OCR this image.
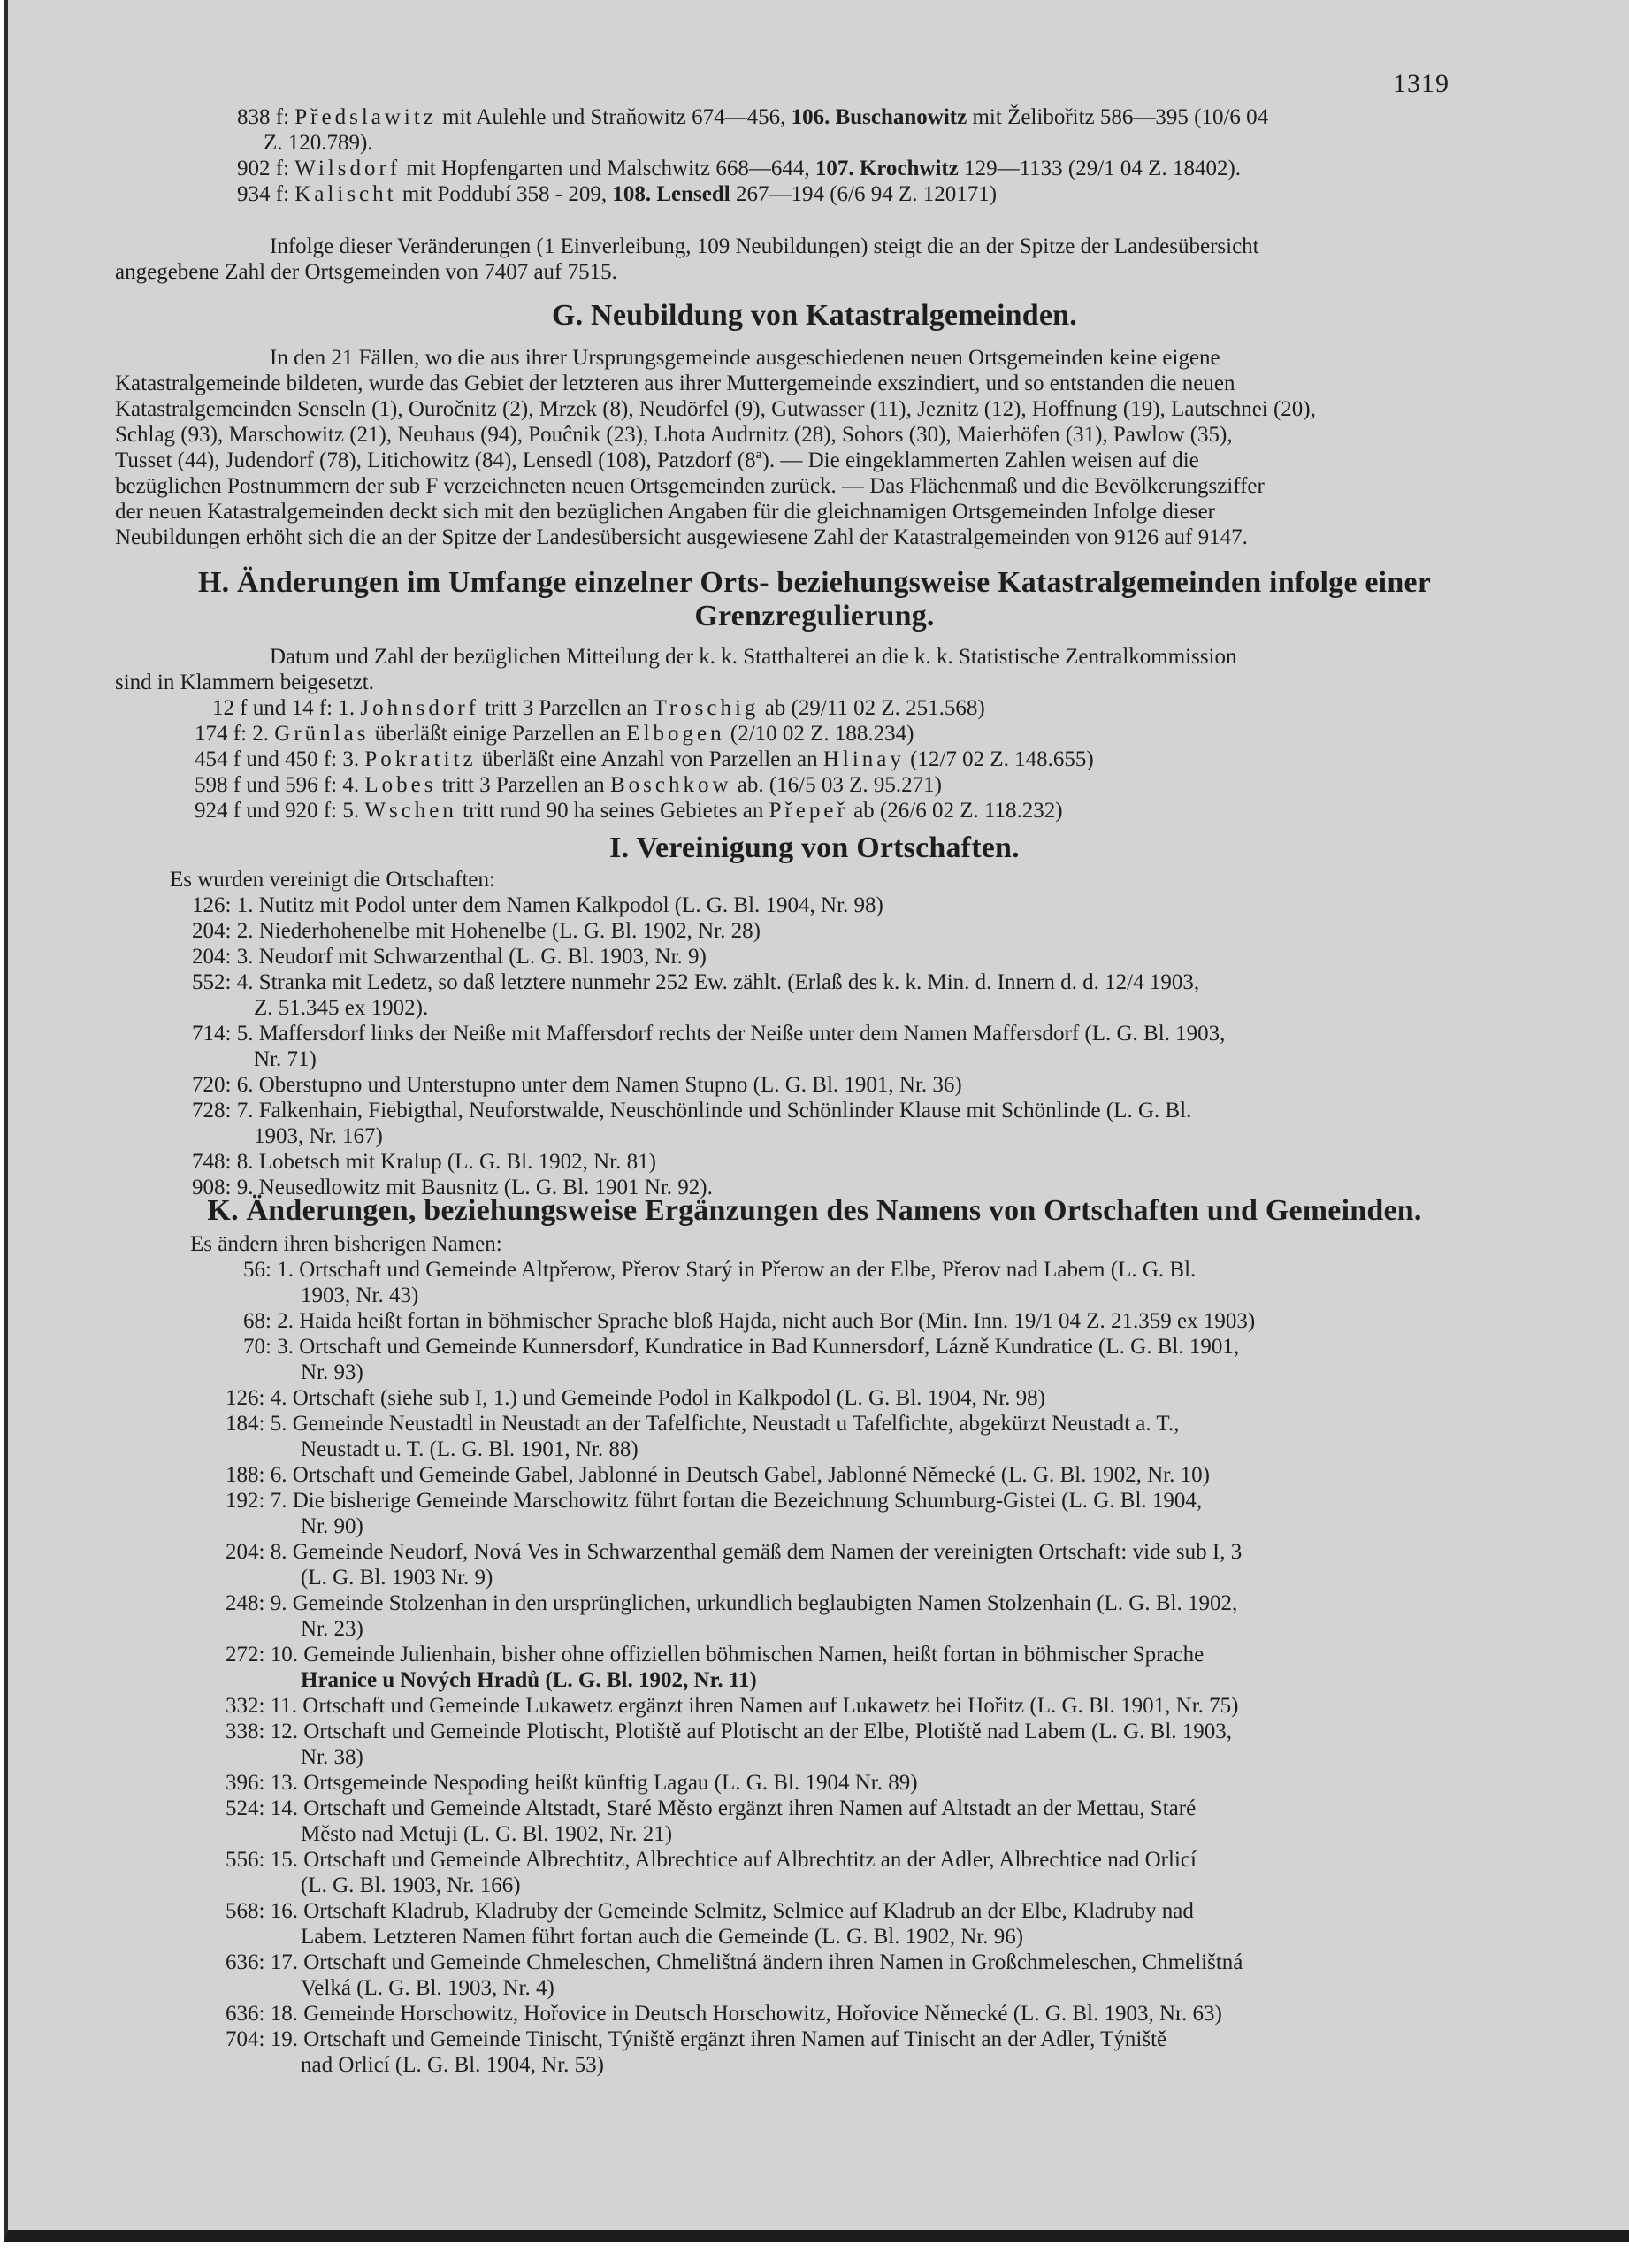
1319
838 f: Předslawitz mit Aulehle und Straňowitz 674—456, 106. Buschanowitz mit Želibořitz 586—395 (10/6 04
Z. 120.789).
902 f: Wilsdorf mit Hopfengarten und Malschwitz 668—644, 107. Krochwitz 129—1133 (29/1 04 Z. 18402).
934 f: Kalischt mit Poddubí 358 - 209, 108. Lensedl 267—194 (6/6 94 Z. 120171)
Infolge dieser Veränderungen (1 Einverleibung, 109 Neubildungen) steigt die an der Spitze der Landesübersicht
angegebene Zahl der Ortsgemeinden von 7407 auf 7515.
G. Neubildung von Katastralgemeinden.
In den 21 Fällen, wo die aus ihrer Ursprungsgemeinde ausgeschiedenen neuen Ortsgemeinden keine eigene
Katastralgemeinde bildeten, wurde das Gebiet der letzteren aus ihrer Muttergemeinde exszindiert, und so entstanden die neuen
Katastralgemeinden Senseln (1), Ouročnitz (2), Mrzek (8), Neudörfel (9), Gutwasser (11), Jeznitz (12), Hoffnung (19), Lautschnei (20),
Schlag (93), Marschowitz (21), Neuhaus (94), Pouĉnik (23), Lhota Audrnitz (28), Sohors (30), Maierhöfen (31), Pawlow (35),
Tusset (44), Judendorf (78), Litichowitz (84), Lensedl (108), Patzdorf (8ª). — Die eingeklammerten Zahlen weisen auf die
bezüglichen Postnummern der sub F verzeichneten neuen Ortsgemeinden zurück. — Das Flächenmaß und die Bevölkerungsziffer
der neuen Katastralgemeinden deckt sich mit den bezüglichen Angaben für die gleichnamigen Ortsgemeinden Infolge dieser
Neubildungen erhöht sich die an der Spitze der Landesübersicht ausgewiesene Zahl der Katastralgemeinden von 9126 auf 9147.
H. Änderungen im Umfange einzelner Orts- beziehungsweise Katastralgemeinden infolge einer
Grenzregulierung.
Datum und Zahl der bezüglichen Mitteilung der k. k. Statthalterei an die k. k. Statistische Zentralkommission
sind in Klammern beigesetzt.
12 f und 14 f: 1. Johnsdorf tritt 3 Parzellen an Troschig ab (29/11 02 Z. 251.568)
174 f: 2. Grünlas überläßt einige Parzellen an Elbogen (2/10 02 Z. 188.234)
454 f und 450 f: 3. Pokratitz überläßt eine Anzahl von Parzellen an Hlinay (12/7 02 Z. 148.655)
598 f und 596 f: 4. Lobes tritt 3 Parzellen an Boschkow ab. (16/5 03 Z. 95.271)
924 f und 920 f: 5. Wschen tritt rund 90 ha seines Gebietes an Přepeř ab (26/6 02 Z. 118.232)
I. Vereinigung von Ortschaften.
Es wurden vereinigt die Ortschaften:
126: 1. Nutitz mit Podol unter dem Namen Kalkpodol (L. G. Bl. 1904, Nr. 98)
204: 2. Niederhohenelbe mit Hohenelbe (L. G. Bl. 1902, Nr. 28)
204: 3. Neudorf mit Schwarzenthal (L. G. Bl. 1903, Nr. 9)
552: 4. Stranka mit Ledetz, so daß letztere nunmehr 252 Ew. zählt. (Erlaß des k. k. Min. d. Innern d. d. 12/4 1903,
Z. 51.345 ex 1902).
714: 5. Maffersdorf links der Neiße mit Maffersdorf rechts der Neiße unter dem Namen Maffersdorf (L. G. Bl. 1903,
Nr. 71)
720: 6. Oberstupno und Unterstupno unter dem Namen Stupno (L. G. Bl. 1901, Nr. 36)
728: 7. Falkenhain, Fiebigthal, Neuforstwalde, Neuschönlinde und Schönlinder Klause mit Schönlinde (L. G. Bl.
1903, Nr. 167)
748: 8. Lobetsch mit Kralup (L. G. Bl. 1902, Nr. 81)
908: 9. Neusedlowitz mit Bausnitz (L. G. Bl. 1901 Nr. 92).
K. Änderungen, beziehungsweise Ergänzungen des Namens von Ortschaften und Gemeinden.
Es ändern ihren bisherigen Namen:
56: 1. Ortschaft und Gemeinde Altpřerow, Přerov Starý in Přerow an der Elbe, Přerov nad Labem (L. G. Bl.
1903, Nr. 43)
68: 2. Haida heißt fortan in böhmischer Sprache bloß Hajda, nicht auch Bor (Min. Inn. 19/1 04 Z. 21.359 ex 1903)
70: 3. Ortschaft und Gemeinde Kunnersdorf, Kundratice in Bad Kunnersdorf, Lázně Kundratice (L. G. Bl. 1901,
Nr. 93)
126: 4. Ortschaft (siehe sub I, 1.) und Gemeinde Podol in Kalkpodol (L. G. Bl. 1904, Nr. 98)
184: 5. Gemeinde Neustadtl in Neustadt an der Tafelfichte, Neustadt u Tafelfichte, abgekürzt Neustadt a. T.,
Neustadt u. T. (L. G. Bl. 1901, Nr. 88)
188: 6. Ortschaft und Gemeinde Gabel, Jablonné in Deutsch Gabel, Jablonné Německé (L. G. Bl. 1902, Nr. 10)
192: 7. Die bisherige Gemeinde Marschowitz führt fortan die Bezeichnung Schumburg-Gistei (L. G. Bl. 1904,
Nr. 90)
204: 8. Gemeinde Neudorf, Nová Ves in Schwarzenthal gemäß dem Namen der vereinigten Ortschaft: vide sub I, 3
(L. G. Bl. 1903 Nr. 9)
248: 9. Gemeinde Stolzenhan in den ursprünglichen, urkundlich beglaubigten Namen Stolzenhain (L. G. Bl. 1902,
Nr. 23)
272: 10. Gemeinde Julienhain, bisher ohne offiziellen böhmischen Namen, heißt fortan in böhmischer Sprache
Hranice u Nových Hradů (L. G. Bl. 1902, Nr. 11)
332: 11. Ortschaft und Gemeinde Lukawetz ergänzt ihren Namen auf Lukawetz bei Hořitz (L. G. Bl. 1901, Nr. 75)
338: 12. Ortschaft und Gemeinde Plotischt, Plotiště auf Plotischt an der Elbe, Plotiště nad Labem (L. G. Bl. 1903,
Nr. 38)
396: 13. Ortsgemeinde Nespoding heißt künftig Lagau (L. G. Bl. 1904 Nr. 89)
524: 14. Ortschaft und Gemeinde Altstadt, Staré Město ergänzt ihren Namen auf Altstadt an der Mettau, Staré
Město nad Metuji (L. G. Bl. 1902, Nr. 21)
556: 15. Ortschaft und Gemeinde Albrechtitz, Albrechtice auf Albrechtitz an der Adler, Albrechtice nad Orlicí
(L. G. Bl. 1903, Nr. 166)
568: 16. Ortschaft Kladrub, Kladruby der Gemeinde Selmitz, Selmice auf Kladrub an der Elbe, Kladruby nad
Labem. Letzteren Namen führt fortan auch die Gemeinde (L. G. Bl. 1902, Nr. 96)
636: 17. Ortschaft und Gemeinde Chmeleschen, Chmelištná ändern ihren Namen in Großchmeleschen, Chmelištná
Velká (L. G. Bl. 1903, Nr. 4)
636: 18. Gemeinde Horschowitz, Hořovice in Deutsch Horschowitz, Hořovice Německé (L. G. Bl. 1903, Nr. 63)
704: 19. Ortschaft und Gemeinde Tinischt, Týniště ergänzt ihren Namen auf Tinischt an der Adler, Týniště
nad Orlicí (L. G. Bl. 1904, Nr. 53)
